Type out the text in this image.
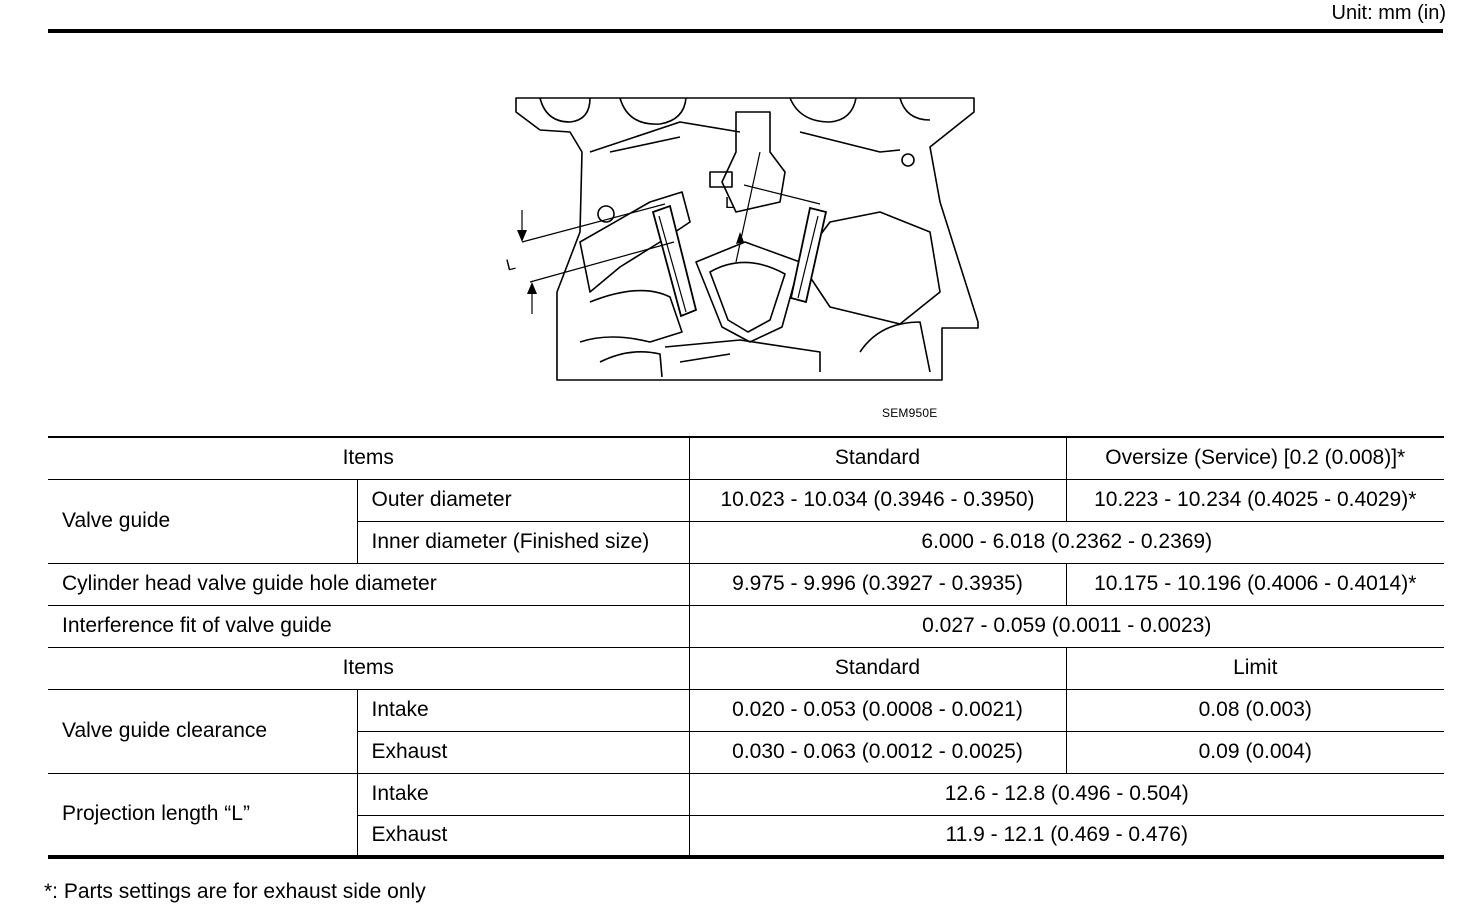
Unit: mm (in)
L
L
SEM950E
Items		Standard	Oversize (Service) [0.2 (0.008)]*
Valve guide	Outer diameter	10.023 - 10.034 (0.3946 - 0.3950)	10.223 - 10.234 (0.4025 - 0.4029)*
	Inner diameter (Finished size)	6.000 - 6.018 (0.2362 - 0.2369)	
Cylinder head valve guide hole diameter		9.975 - 9.996 (0.3927 - 0.3935)	10.175 - 10.196 (0.4006 - 0.4014)*
Interference fit of valve guide		0.027 - 0.059 (0.0011 - 0.0023)	
Items		Standard	Limit
Valve guide clearance	Intake	0.020 - 0.053 (0.0008 - 0.0021)	0.08 (0.003)
	Exhaust	0.030 - 0.063 (0.0012 - 0.0025)	0.09 (0.004)
Projection length “L”	Intake	12.6 - 12.8 (0.496 - 0.504)	
	Exhaust	11.9 - 12.1 (0.469 - 0.476)	
*: Parts settings are for exhaust side only
